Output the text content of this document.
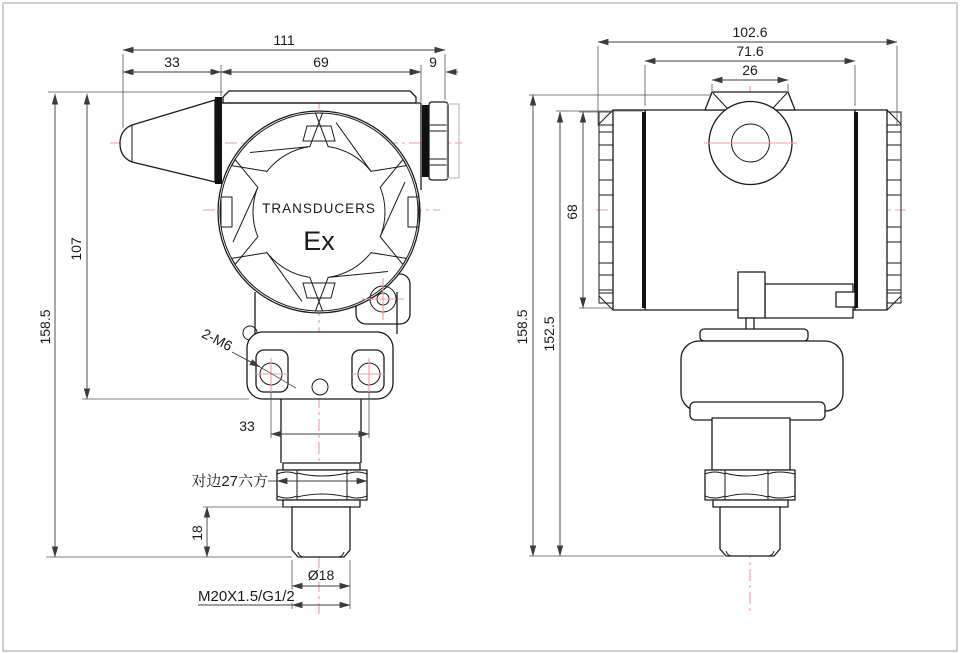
111
33	69	9
107
158.5
33
2-M6
对边27六方
18
Ø18
M20X1.5/G1/2
TRANSDUCERS
Ex
102.6
71.6
26
68
152.5
158.5
